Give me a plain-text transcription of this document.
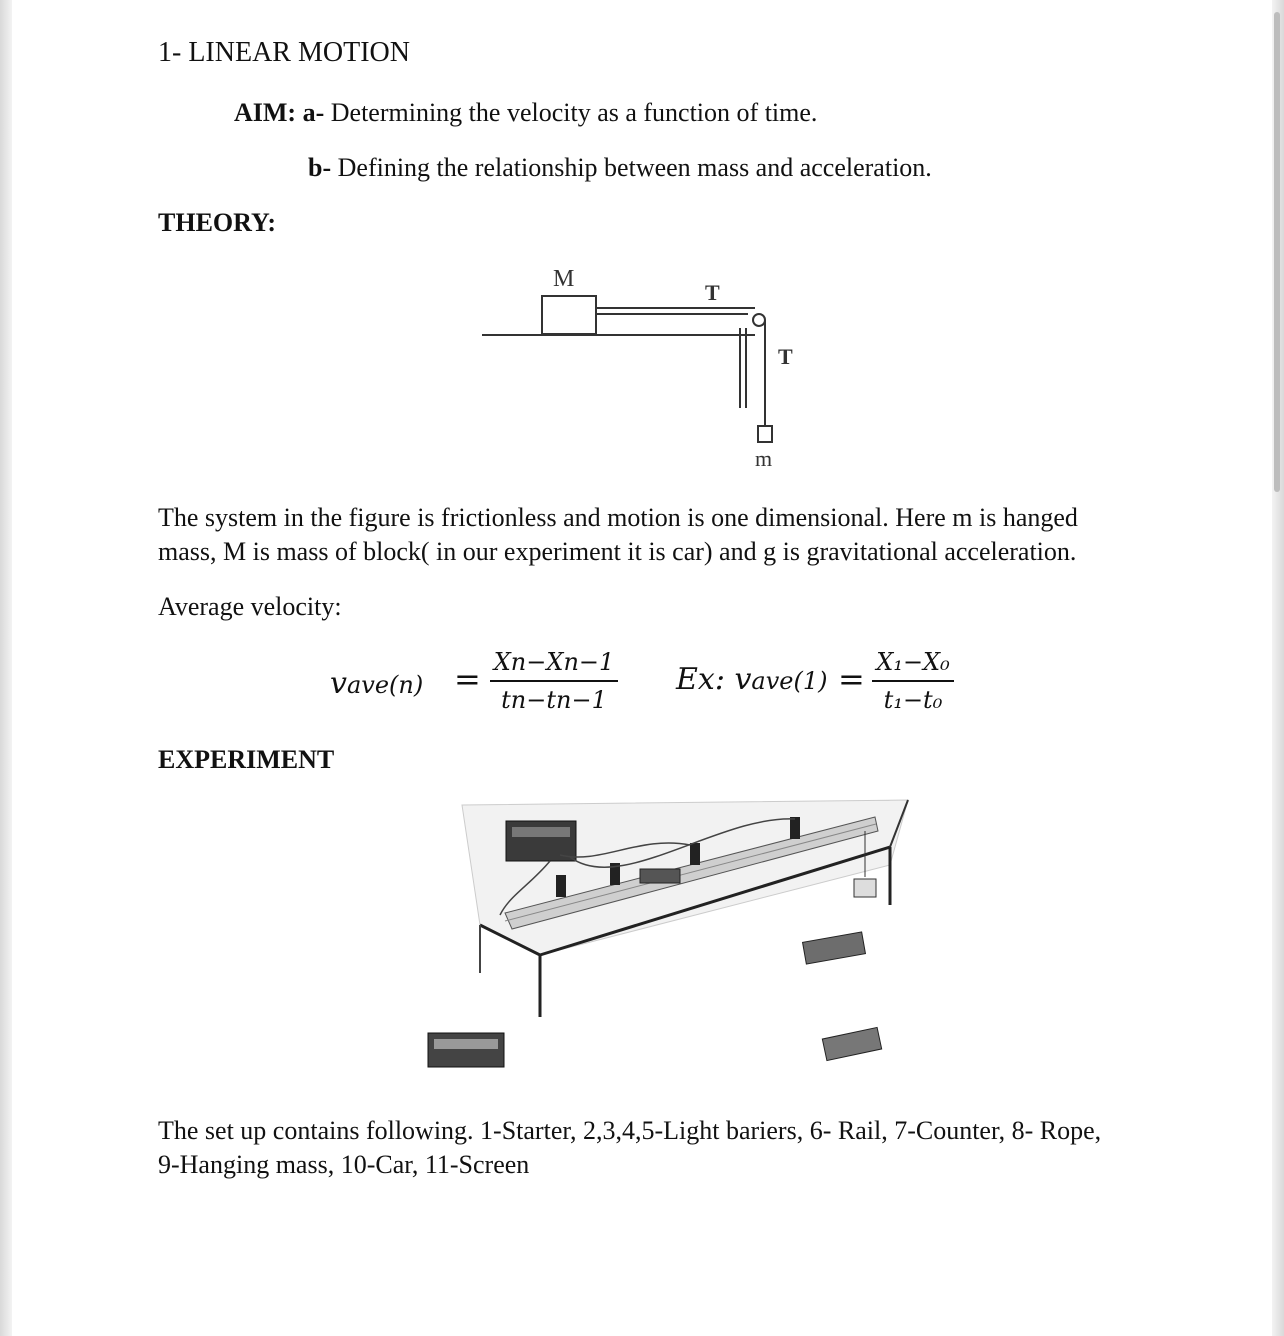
1- LINEAR MOTION
AIM: a- Determining the velocity as a function of time.
b- Defining the relationship between mass and acceleration.
THEORY:
M
T
T
m
The system in the figure is frictionless and motion is one dimensional. Here m is hanged mass, M is mass of block( in our experiment it is car) and g is gravitational acceleration.
Average velocity:
vave(n) = Xn−Xn−1
tn−tn−1
Ex: vave(1) = X₁−X₀
t₁−t₀
EXPERIMENT
The set up contains following. 1-Starter, 2,3,4,5-Light bariers, 6- Rail, 7-Counter, 8- Rope, 9-Hanging mass, 10-Car, 11-Screen
